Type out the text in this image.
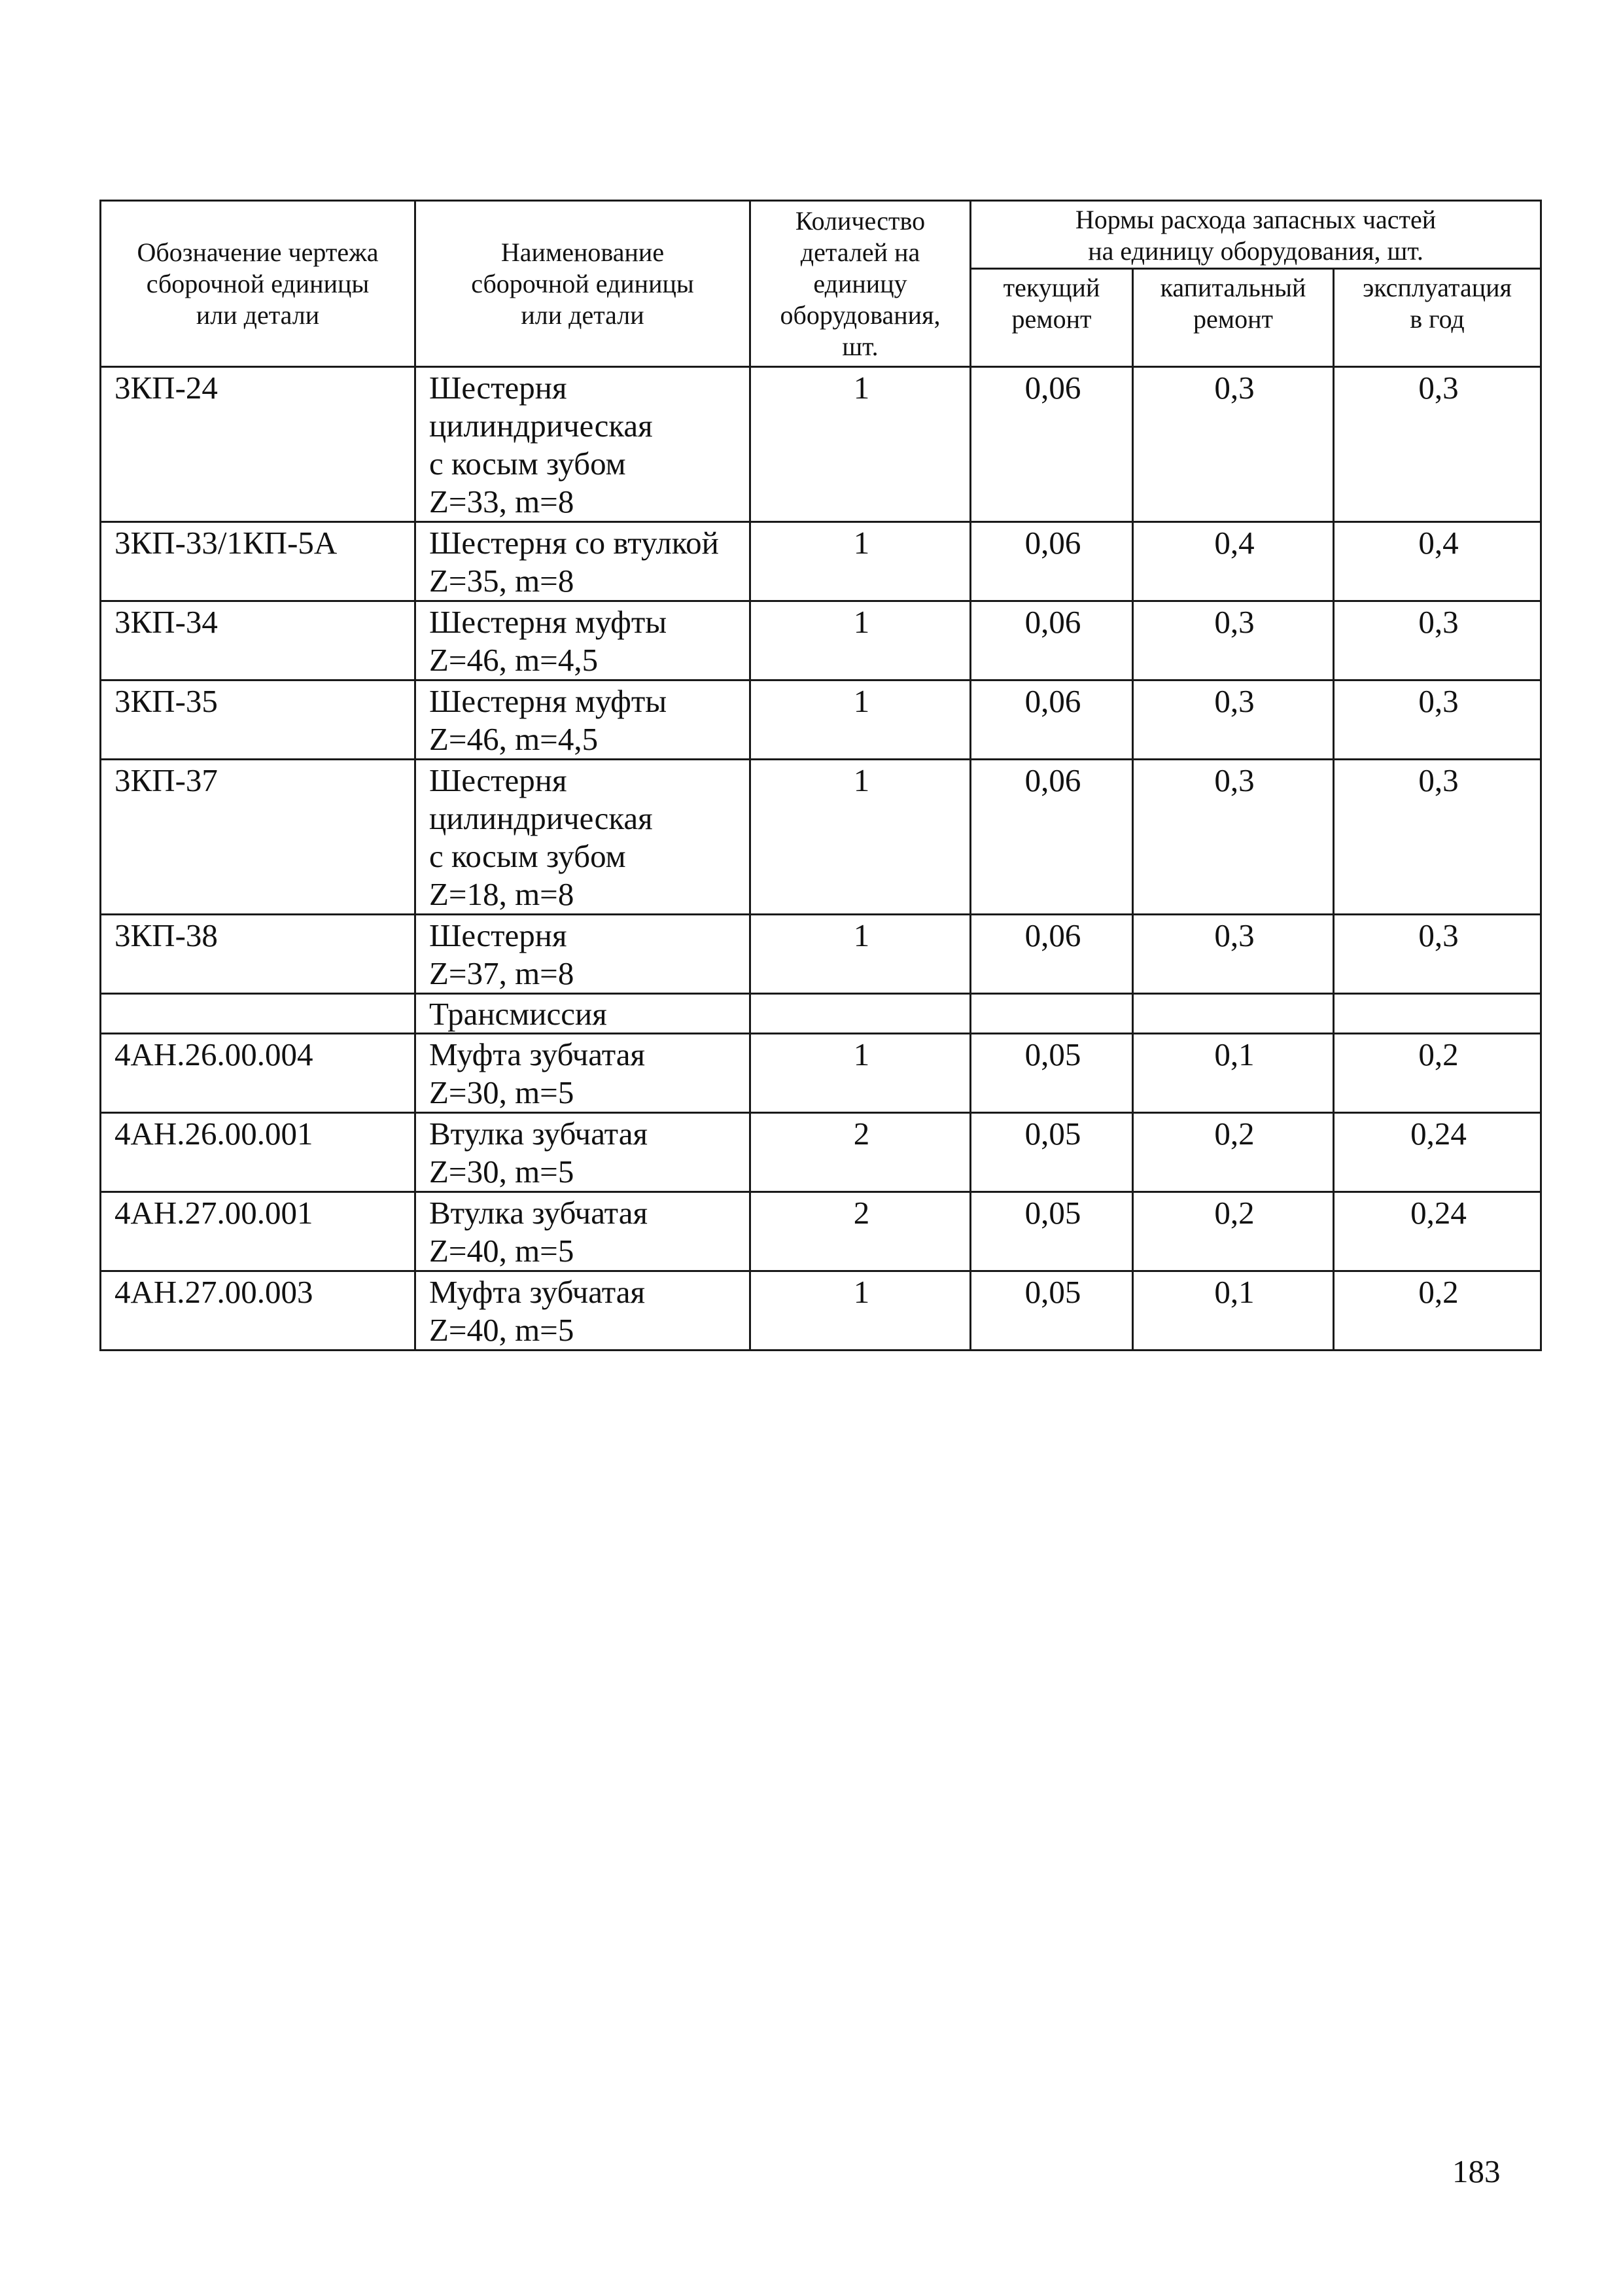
Обозначение чертежа
сборочной единицы
или детали	Наименование
сборочной единицы
или детали	Количество
деталей на
единицу
оборудования,
шт.	Нормы расхода запасных частей
на единицу оборудования, шт.		

			текущий
ремонт	капитальный
ремонт	эксплуатация
в год

3КП-24	Шестерня
цилиндрическая
с косым зубом
Z=33, m=8	1	0,06	0,3	0,3
3КП-33/1КП-5А	Шестерня со втулкой
Z=35, m=8	1	0,06	0,4	0,4
3КП-34	Шестерня муфты
Z=46, m=4,5	1	0,06	0,3	0,3
3КП-35	Шестерня муфты
Z=46, m=4,5	1	0,06	0,3	0,3
3КП-37	Шестерня
цилиндрическая
с косым зубом
Z=18, m=8	1	0,06	0,3	0,3
3КП-38	Шестерня
Z=37, m=8	1	0,06	0,3	0,3
	Трансмиссия				
4АН.26.00.004	Муфта зубчатая
Z=30, m=5	1	0,05	0,1	0,2
4АН.26.00.001	Втулка зубчатая
Z=30, m=5	2	0,05	0,2	0,24
4АН.27.00.001	Втулка зубчатая
Z=40, m=5	2	0,05	0,2	0,24
4АН.27.00.003	Муфта зубчатая
Z=40, m=5	1	0,05	0,1	0,2
183
